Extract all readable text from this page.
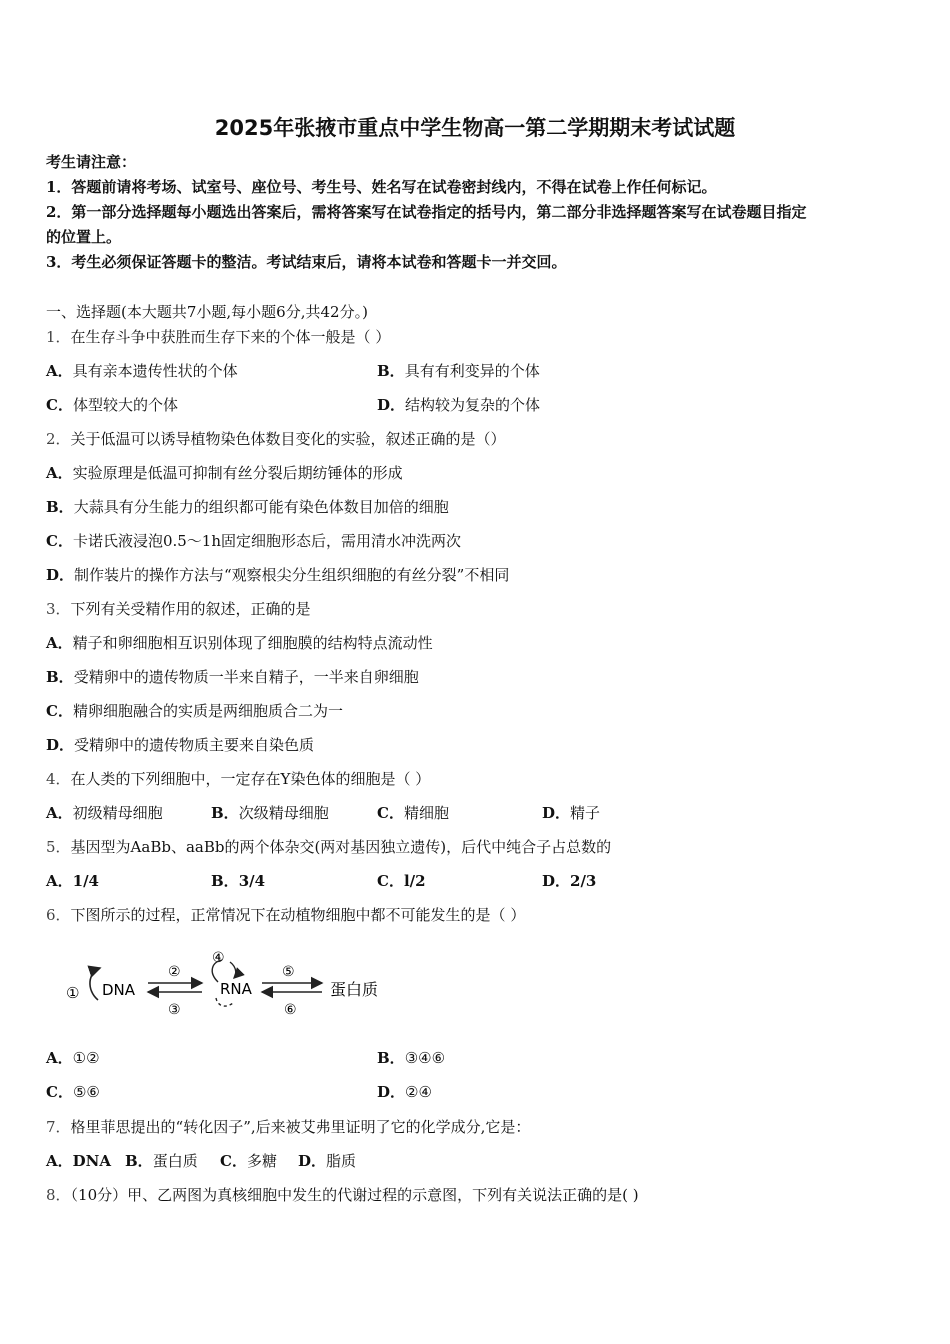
2025年张掖市重点中学生物高一第二学期期末考试试题
考生请注意：
1．答题前请将考场、试室号、座位号、考生号、姓名写在试卷密封线内，不得在试卷上作任何标记。
2．第一部分选择题每小题选出答案后，需将答案写在试卷指定的括号内，第二部分非选择题答案写在试卷题目指定
的位置上。
3．考生必须保证答题卡的整洁。考试结束后，请将本试卷和答题卡一并交回。
一、选择题(本大题共7小题,每小题6分,共42分。)
1．在生存斗争中获胜而生存下来的个体一般是（ ）
A．具有亲本遗传性状的个体	B．具有有利变异的个体
C．体型较大的个体	D．结构较为复杂的个体
2．关于低温可以诱导植物染色体数目变化的实验，叙述正确的是（）
A．实验原理是低温可抑制有丝分裂后期纺锤体的形成
B．大蒜具有分生能力的组织都可能有染色体数目加倍的细胞
C．卡诺氏液浸泡0.5～1h固定细胞形态后，需用清水冲洗两次
D．制作装片的操作方法与“观察根尖分生组织细胞的有丝分裂”不相同
3．下列有关受精作用的叙述，正确的是
A．精子和卵细胞相互识别体现了细胞膜的结构特点流动性
B．受精卵中的遗传物质一半来自精子，一半来自卵细胞
C．精卵细胞融合的实质是两细胞质合二为一
D．受精卵中的遗传物质主要来自染色质
4．在人类的下列细胞中，一定存在Y染色体的细胞是（ ）
A．初级精母细胞	B．次级精母细胞	C．精细胞	D．精子
5．基因型为AaBb、aaBb的两个体杂交(两对基因独立遗传)，后代中纯合子占总数的
A．1/4	B．3/4	C．l/2	D．2/3
6．下图所示的过程，正常情况下在动植物细胞中都不可能发生的是（ ）
① DNA
②
③
④
RNA
⑤
⑥
蛋白质
A．①②	B．③④⑥
C．⑤⑥	D．②④
7．格里菲思提出的“转化因子”,后来被艾弗里证明了它的化学成分,它是：
A．DNA B．蛋白质 C．多糖 D．脂质
8．（10分）甲、乙两图为真核细胞中发生的代谢过程的示意图，下列有关说法正确的是( )
